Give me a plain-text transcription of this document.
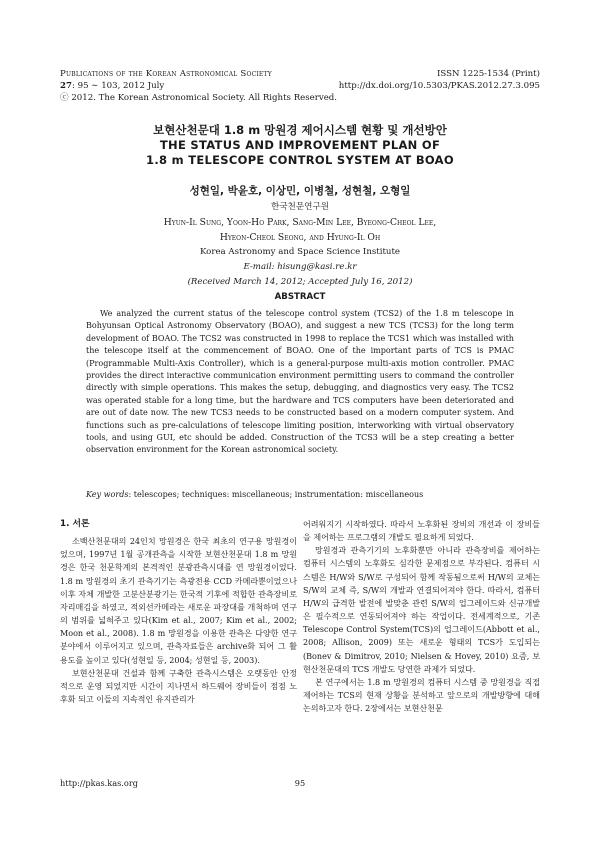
Publications of the Korean Astronomical Society	ISSN 1225-1534 (Print)
27: 95 ∼ 103, 2012 July	http://dx.doi.org/10.5303/PKAS.2012.27.3.095
ⓒ 2012. The Korean Astronomical Society. All Rights Reserved.
보현산천문대 1.8 m 망원경 제어시스템 현황 및 개선방안
THE STATUS AND IMPROVEMENT PLAN OF
1.8 m TELESCOPE CONTROL SYSTEM AT BOAO
성현일, 박윤호, 이상민, 이병철, 성현철, 오형일
한국천문연구원
Hyun-Il Sung, Yoon-Ho Park, Sang-Min Lee, Byeong-Cheol Lee,
Hyeon-Cheol Seong, and Hyung-Il Oh
Korea Astronomy and Space Science Institute
E-mail: hisung@kasi.re.kr
(Received March 14, 2012; Accepted July 16, 2012)
ABSTRACT
We analyzed the current status of the telescope control system (TCS2) of the 1.8 m telescope in Bohyunsan Optical Astronomy Observatory (BOAO), and suggest a new TCS (TCS3) for the long term development of BOAO. The TCS2 was constructed in 1998 to replace the TCS1 which was installed with the telescope itself at the commencement of BOAO. One of the important parts of TCS is PMAC (Programmable Multi-Axis Controller), which is a general-purpose multi-axis motion controller. PMAC provides the direct interactive communication environment permitting users to command the controller directly with simple operations. This makes the setup, debugging, and diagnostics very easy. The TCS2 was operated stable for a long time, but the hardware and TCS computers have been deteriorated and are out of date now. The new TCS3 needs to be constructed based on a modern computer system. And functions such as pre-calculations of telescope limiting position, interworking with virtual observatory tools, and using GUI, etc should be added. Construction of the TCS3 will be a step creating a better observation environment for the Korean astronomical society.
Key words: telescopes; techniques: miscellaneous; instrumentation: miscellaneous
1. 서론

소백산천문대의 24인치 망원경은 한국 최초의 연구용 망원경이었으며, 1997년 1월 공개관측을 시작한 보현산천문대 1.8 m 망원경은 한국 천문학계의 본격적인 분광관측시대를 연 망원경이었다. 1.8 m 망원경의 초기 관측기기는 측광전용 CCD 카메라뿐이었으나 이후 자체 개발한 고분산분광기는 한국적 기후에 적합한 관측장비로 자리매김을 하였고, 적외선카메라는 새로운 파장대를 개척하며 연구의 범위를 넓혀주고 있다(Kim et al., 2007; Kim et al., 2002; Moon et al., 2008). 1.8 m 망원경을 이용한 관측은 다양한 연구분야에서 이루어지고 있으며, 관측자료들은 archive화 되어 그 활용도를 높이고 있다(성현일 등, 2004; 성현일 등, 2003).

보현산천문대 건설과 함께 구축한 관측시스템은 오랫동안 안정적으로 운영 되었지만 시간이 지나면서 하드웨어 장비들이 점점 노후화 되고 이들의 지속적인 유지관리가

어려워지기 시작하였다. 따라서 노후화된 장비의 개선과 이 장비들을 제어하는 프로그램의 개발도 필요하게 되었다.

망원경과 관측기기의 노후화뿐만 아니라 관측장비를 제어하는 컴퓨터 시스템의 노후화도 심각한 문제점으로 부각된다. 컴퓨터 시스템은 H/W와 S/W로 구성되어 함께 작동됨으로써 H/W의 교체는 S/W의 교체 즉, S/W의 개발과 연결되어져야 한다. 따라서, 컴퓨터 H/W의 급격한 발전에 발맞춘 관련 S/W의 업그레이드와 신규개발은 필수적으로 연동되어져야 하는 작업이다. 전세계적으로, 기존 Telescope Control System(TCS)의 업그레이드(Abbott et al., 2008; Allison, 2009) 또는 새로운 형태의 TCS가 도입되는(Bonev & Dimitrov, 2010; Nielsen & Hovey, 2010) 요즘, 보현산천문대의 TCS 개발도 당연한 과제가 되었다.

본 연구에서는 1.8 m 망원경의 컴퓨터 시스템 중 망원경을 직접 제어하는 TCS의 현재 상황을 분석하고 앞으로의 개발방향에 대해 논의하고자 한다. 2장에서는 보현산천문

http://pkas.kas.org	95
